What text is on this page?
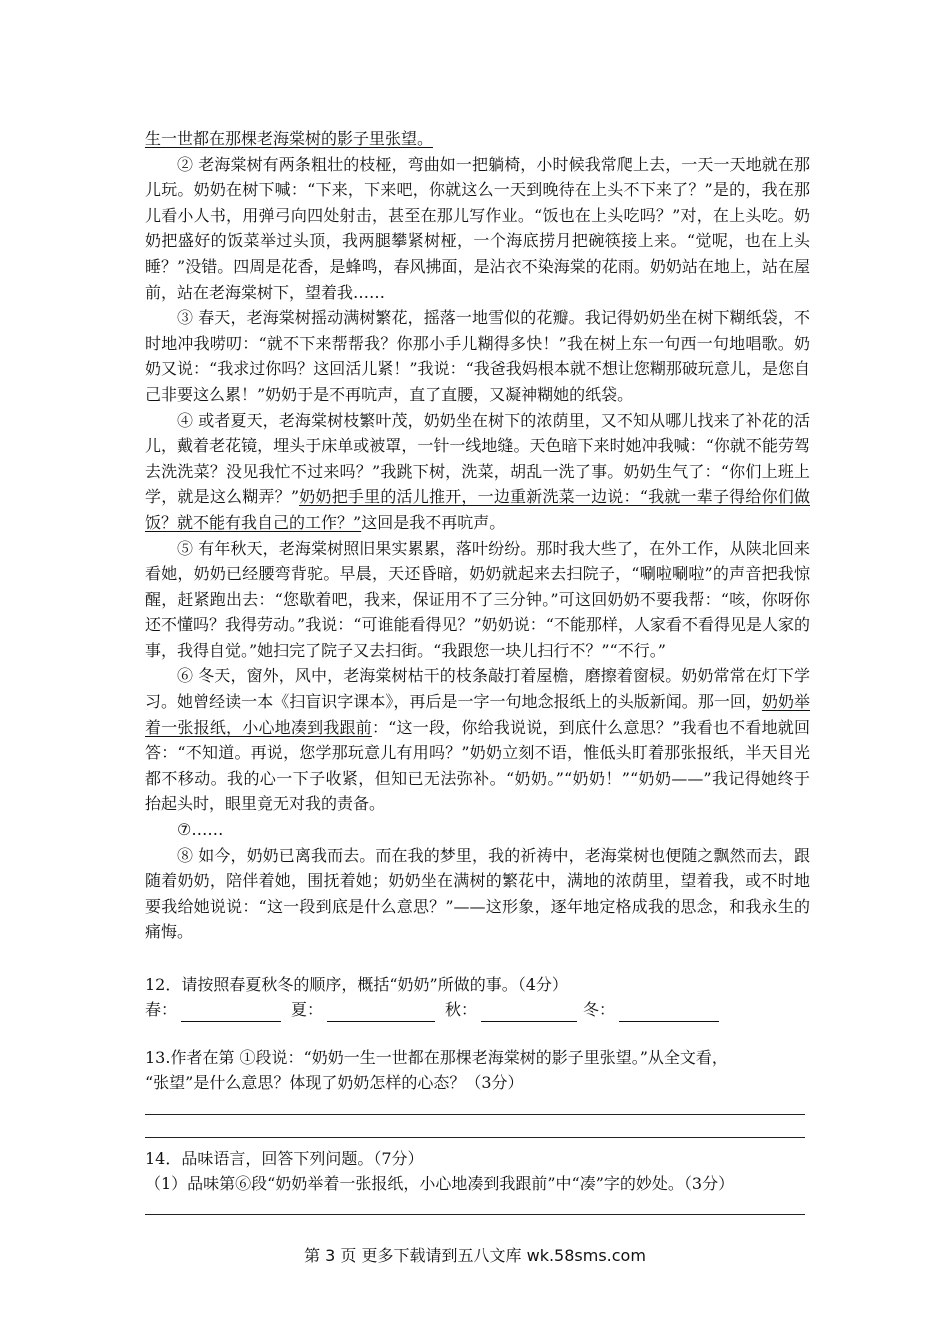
生一世都在那棵老海棠树的影子里张望。

② 老海棠树有两条粗壮的枝桠，弯曲如一把躺椅，小时候我常爬上去，一天一天地就在那儿玩。奶奶在树下喊：“下来，下来吧，你就这么一天到晚待在上头不下来了？”是的，我在那儿看小人书，用弹弓向四处射击，甚至在那儿写作业。“饭也在上头吃吗？”对，在上头吃。奶奶把盛好的饭菜举过头顶，我两腿攀紧树桠，一个海底捞月把碗筷接上来。“觉呢，也在上头睡？”没错。四周是花香，是蜂鸣，春风拂面，是沾衣不染海棠的花雨。奶奶站在地上，站在屋前，站在老海棠树下，望着我……

③ 春天，老海棠树摇动满树繁花，摇落一地雪似的花瓣。我记得奶奶坐在树下糊纸袋，不时地冲我唠叨：“就不下来帮帮我？你那小手儿糊得多快！”我在树上东一句西一句地唱歌。奶奶又说：“我求过你吗？这回活儿紧！”我说：“我爸我妈根本就不想让您糊那破玩意儿，是您自己非要这么累！”奶奶于是不再吭声，直了直腰，又凝神糊她的纸袋。

④ 或者夏天，老海棠树枝繁叶茂，奶奶坐在树下的浓荫里，又不知从哪儿找来了补花的活儿，戴着老花镜，埋头于床单或被罩，一针一线地缝。天色暗下来时她冲我喊：“你就不能劳驾去洗洗菜？没见我忙不过来吗？”我跳下树，洗菜，胡乱一洗了事。奶奶生气了：“你们上班上学，就是这么糊弄？”奶奶把手里的活儿推开，一边重新洗菜一边说：“我就一辈子得给你们做饭？就不能有我自己的工作？”这回是我不再吭声。

⑤ 有年秋天，老海棠树照旧果实累累，落叶纷纷。那时我大些了，在外工作，从陕北回来看她，奶奶已经腰弯背驼。早晨，天还昏暗，奶奶就起来去扫院子，“唰啦唰啦”的声音把我惊醒，赶紧跑出去：“您歇着吧，我来，保证用不了三分钟。”可这回奶奶不要我帮：“咳，你呀你还不懂吗？我得劳动。”我说：“可谁能看得见？”奶奶说：“不能那样，人家看不看得见是人家的事，我得自觉。”她扫完了院子又去扫街。“我跟您一块儿扫行不？”“不行。”

⑥ 冬天，窗外，风中，老海棠树枯干的枝条敲打着屋檐，磨擦着窗棂。奶奶常常在灯下学习。她曾经读一本《扫盲识字课本》，再后是一字一句地念报纸上的头版新闻。那一回，奶奶举着一张报纸，小心地凑到我跟前：“这一段，你给我说说，到底什么意思？”我看也不看地就回答：“不知道。再说，您学那玩意儿有用吗？”奶奶立刻不语，惟低头盯着那张报纸，半天目光都不移动。我的心一下子收紧，但知已无法弥补。“奶奶。”“奶奶！”“奶奶——”我记得她终于抬起头时，眼里竟无对我的责备。

⑦……

⑧ 如今，奶奶已离我而去。而在我的梦里，我的祈祷中，老海棠树也便随之飘然而去，跟随着奶奶，陪伴着她，围抚着她；奶奶坐在满树的繁花中，满地的浓荫里，望着我，或不时地要我给她说说：“这一段到底是什么意思？”——这形象，逐年地定格成我的思念，和我永生的痛悔。

12．请按照春夏秋冬的顺序，概括“奶奶”所做的事。（4分）
春：	夏：	秋：	冬：
13.作者在第 ①段说：“奶奶一生一世都在那棵老海棠树的影子里张望。”从全文看，
“张望”是什么意思？体现了奶奶怎样的心态？（3分）
14．品味语言，回答下列问题。（7分）
（1）品味第⑥段“奶奶举着一张报纸，小心地凑到我跟前”中“凑”字的妙处。（3分）
第 3 页 更多下载请到五八文库 wk.58sms.com
